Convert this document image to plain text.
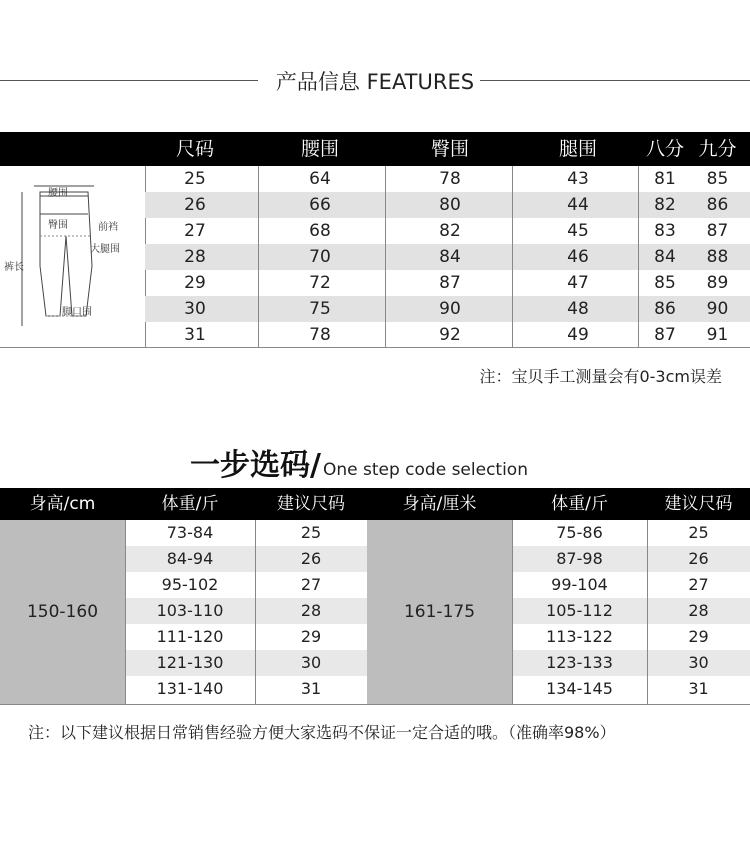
产品信息 FEATURES
尺码	腰围	臀围	腿围	八分 九分
腰围
臀围	前裆
大腿围
裤长
脚口围
25	64	78	43	81	85
26	66	80	44	82	86
27	68	82	45	83	87
28	70	84	46	84	88
29	72	87	47	85	89
30	75	90	48	86	90
31	78	92	49	87	91
注：宝贝手工测量会有0-3cm误差
一步选码/ One step code selection
身高/cm	体重/斤	建议尺码	身高/厘米	体重/斤	建议尺码
150-160	161-175
73-84	25	75-86	25
84-94	26	87-98	26
95-102	27	99-104	27
103-110	28	105-112	28
111-120	29	113-122	29
121-130	30	123-133	30
131-140	31	134-145	31
注：以下建议根据日常销售经验方便大家选码不保证一定合适的哦。（准确率98%）
